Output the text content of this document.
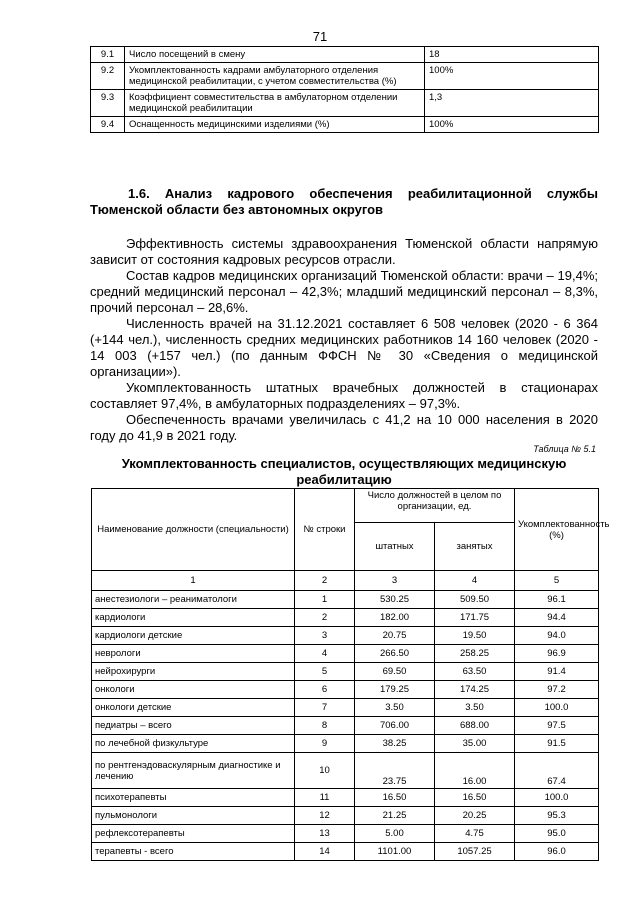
71
9.1	Число посещений в смену	18
9.2	Укомплектованность кадрами амбулаторного отделения медицинской реабилитации, с учетом совместительства (%)	100%
9.3	Коэффициент совместительства в амбулаторном отделении медицинской реабилитации	1,3
9.4	Оснащенность медицинскими изделиями (%)	100%
1.6. Анализ кадрового обеспечения реабилитационной службы Тюменской области без автономных округов

Эффективность системы здравоохранения Тюменской области напрямую зависит от состояния кадровых ресурсов отрасли.

Состав кадров медицинских организаций Тюменской области: врачи – 19,4%; средний медицинский персонал – 42,3%; младший медицинский персонал – 8,3%, прочий персонал – 28,6%.

Численность врачей на 31.12.2021 составляет 6 508 человек (2020 - 6 364 (+144 чел.), численность средних медицинских работников 14 160 человек (2020 - 14 003 (+157 чел.) (по данным ФФСН № 30 «Сведения о медицинской организации»).

Укомплектованность штатных врачебных должностей в стационарах составляет 97,4%, в амбулаторных подразделениях – 97,3%.

Обеспеченность врачами увеличилась с 41,2 на 10 000 населения в 2020 году до 41,9 в 2021 году.

Таблица № 5.1
Укомплектованность специалистов, осуществляющих медицинскую реабилитацию
Наименование должности (специальности)	№ строки	Число должностей в целом по организации, ед.		Укомплектованность (%)
		штатных	занятых	
1	2	3	4	5
анестезиологи – реаниматологи	1	530.25	509.50	96.1
кардиологи	2	182.00	171.75	94.4
кардиологи детские	3	20.75	19.50	94.0
неврологи	4	266.50	258.25	96.9
нейрохирурги	5	69.50	63.50	91.4
онкологи	6	179.25	174.25	97.2
онкологи детские	7	3.50	3.50	100.0
педиатры – всего	8	706.00	688.00	97.5
по лечебной физкультуре	9	38.25	35.00	91.5
по рентгенэдоваскулярным диагностике и лечению	10	23.75	16.00	67.4
психотерапевты	11	16.50	16.50	100.0
пульмонологи	12	21.25	20.25	95.3
рефлексотерапевты	13	5.00	4.75	95.0
терапевты - всего	14	1101.00	1057.25	96.0
